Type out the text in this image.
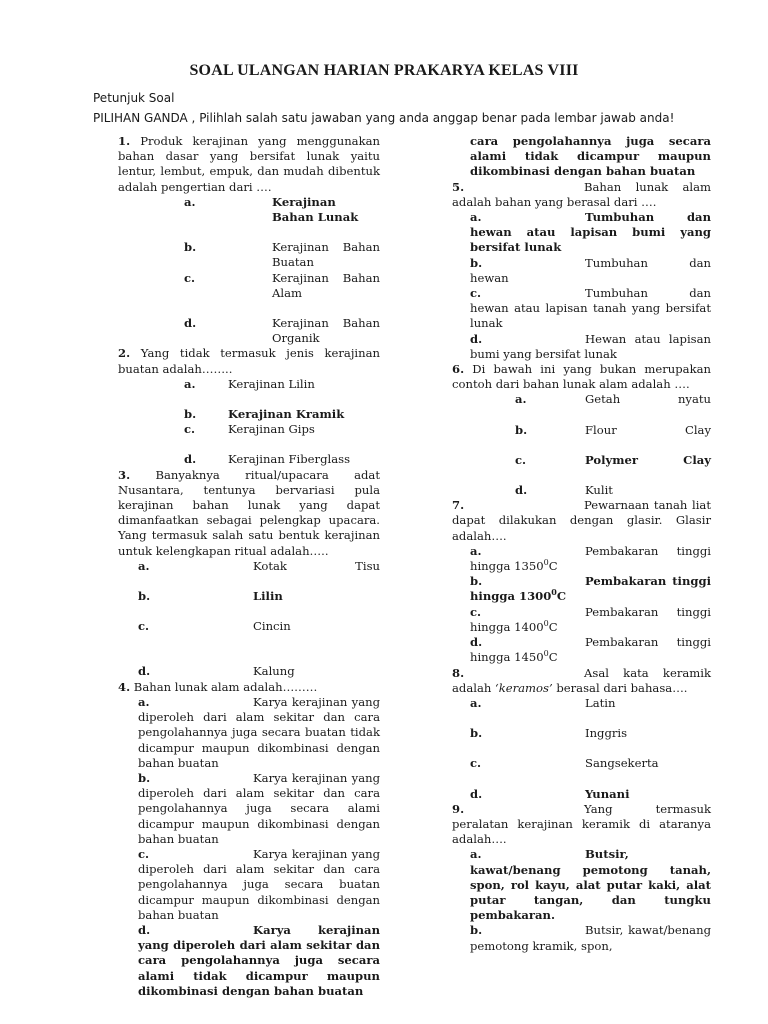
SOAL ULANGAN HARIAN PRAKARYA KELAS VIII
Petunjuk Soal
PILIHAN GANDA , Pilihlah salah satu jawaban yang anda anggap benar pada lembar jawab anda!
1. Produk kerajinan yang menggunakan bahan dasar yang bersifat lunak yaitu lentur, lembut, empuk, dan mudah dibentuk adalah pengertian dari ….
a.	Kerajinan Bahan Lunak
b.	Kerajinan Bahan Buatan
c.	Kerajinan Bahan Alam
d.	Kerajinan Bahan Organik
2. Yang tidak termasuk jenis kerajinan buatan adalah……..
a.	Kerajinan Lilin
b.	Kerajinan Kramik
c.	Kerajinan Gips
d.	Kerajinan Fiberglass
3. Banyaknya ritual/upacara adat Nusantara, tentunya bervariasi pula kerajinan bahan lunak yang dapat dimanfaatkan sebagai pelengkap upacara. Yang termasuk salah satu bentuk kerajinan untuk kelengkapan ritual adalah…..
a.	Kotak Tisu
b.	Lilin
c.	Cincin
d.	Kalung
4. Bahan lunak alam adalah………
a.	Karya kerajinan yang diperoleh dari alam sekitar dan cara pengolahannya juga secara buatan tidak dicampur maupun dikombinasi dengan bahan buatan
b.	Karya kerajinan yang diperoleh dari alam sekitar dan cara pengolahannya juga secara alami dicampur maupun dikombinasi dengan bahan buatan
c.	Karya kerajinan yang diperoleh dari alam sekitar dan cara pengolahannya juga secara buatan dicampur maupun dikombinasi dengan bahan buatan
d.	Karya kerajinan yang diperoleh dari alam sekitar dan cara pengolahannya juga secara alami tidak dicampur maupun dikombinasi dengan bahan buatan
cara pengolahannya juga secara alami tidak dicampur maupun dikombinasi dengan bahan buatan
5.	Bahan lunak alam adalah bahan yang berasal dari ….
a.	Tumbuhan dan hewan atau lapisan bumi yang bersifat lunak
b.	Tumbuhan dan hewan
c.	Tumbuhan dan hewan atau lapisan tanah yang bersifat lunak
d.	Hewan atau lapisan bumi yang bersifat lunak
6. Di bawah ini yang bukan merupakan contoh dari bahan lunak alam adalah ….
a.	Getah nyatu
b.	Flour Clay
c.	Polymer Clay
d.	Kulit
7.	Pewarnaan tanah liat dapat dilakukan dengan glasir. Glasir adalah….
a.	Pembakaran tinggi hingga 1350$^0$C
b.	Pembakaran tinggi hingga 1300$^0$C
c.	Pembakaran tinggi hingga 1400$^0$C
d.	Pembakaran tinggi hingga 1450$^0$C
8.	Asal kata keramik adalah ‘keramos’ berasal dari bahasa….
a.	Latin
b.	Inggris
c.	Sangsekerta
d.	Yunani
9.	Yang termasuk peralatan kerajinan keramik di ataranya adalah….
a.	Butsir, kawat/benang pemotong tanah, spon, rol kayu, alat putar kaki, alat putar tangan, dan tungku pembakaran.
b.	Butsir, kawat/benang pemotong kramik, spon,
